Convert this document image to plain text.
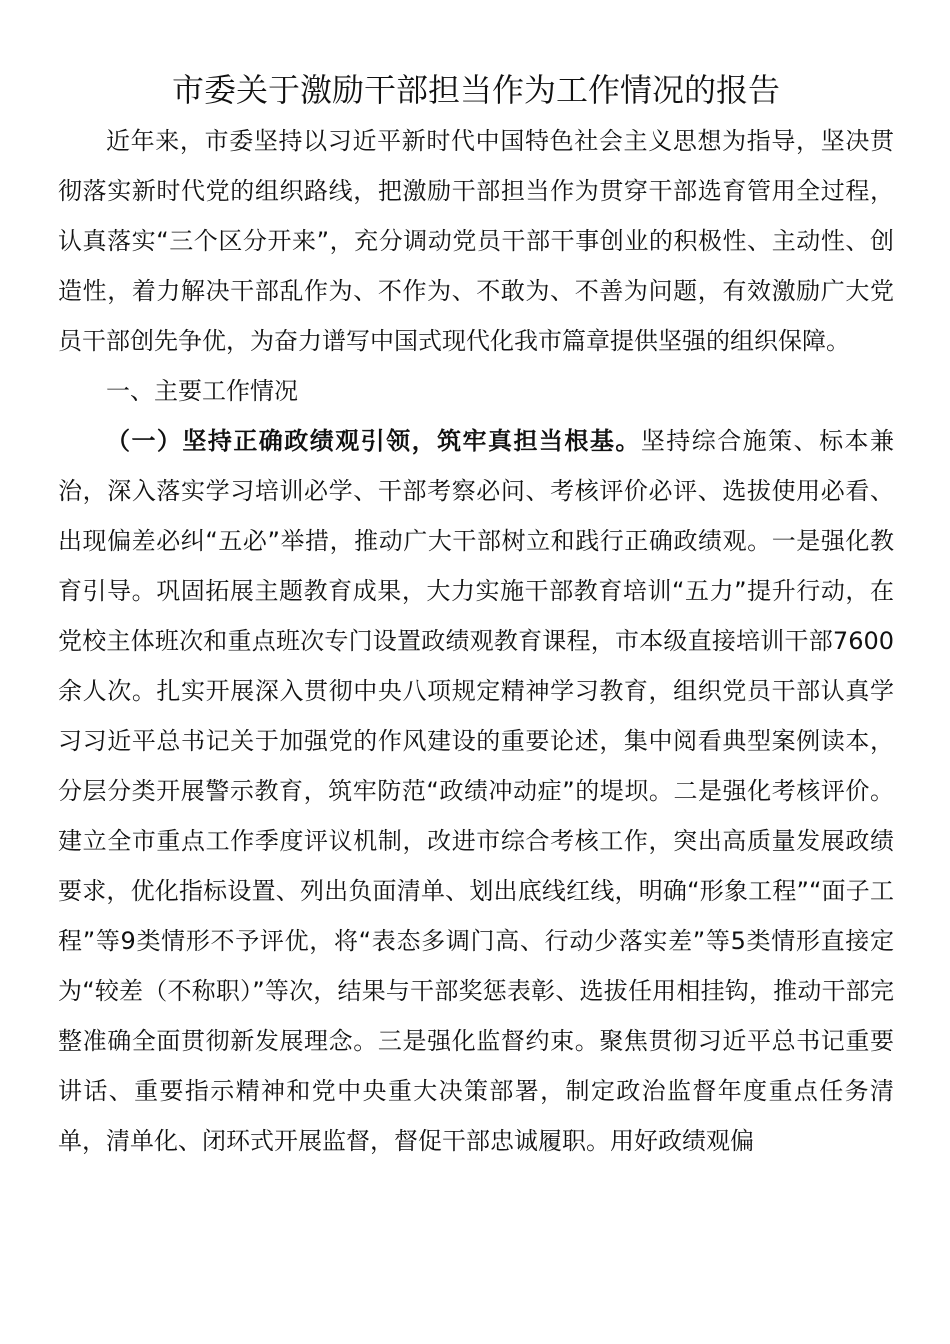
市委关于激励干部担当作为工作情况的报告

近年来，市委坚持以习近平新时代中国特色社会主义思想为指导，坚决贯彻落实新时代党的组织路线，把激励干部担当作为贯穿干部选育管用全过程，认真落实“三个区分开来”，充分调动党员干部干事创业的积极性、主动性、创造性，着力解决干部乱作为、不作为、不敢为、不善为问题，有效激励广大党员干部创先争优，为奋力谱写中国式现代化我市篇章提供坚强的组织保障。

一、主要工作情况

（一）坚持正确政绩观引领，筑牢真担当根基。坚持综合施策、标本兼治，深入落实学习培训必学、干部考察必问、考核评价必评、选拔使用必看、出现偏差必纠“五必”举措，推动广大干部树立和践行正确政绩观。一是强化教育引导。巩固拓展主题教育成果，大力实施干部教育培训“五力”提升行动，在党校主体班次和重点班次专门设置政绩观教育课程，市本级直接培训干部7600余人次。扎实开展深入贯彻中央八项规定精神学习教育，组织党员干部认真学习习近平总书记关于加强党的作风建设的重要论述，集中阅看典型案例读本，分层分类开展警示教育，筑牢防范“政绩冲动症”的堤坝。二是强化考核评价。建立全市重点工作季度评议机制，改进市综合考核工作，突出高质量发展政绩要求，优化指标设置、列出负面清单、划出底线红线，明确“形象工程”“面子工程”等9类情形不予评优，将“表态多调门高、行动少落实差”等5类情形直接定为“较差（不称职）”等次，结果与干部奖惩表彰、选拔任用相挂钩，推动干部完整准确全面贯彻新发展理念。三是强化监督约束。聚焦贯彻习近平总书记重要讲话、重要指示精神和党中央重大决策部署，制定政治监督年度重点任务清单，清单化、闭环式开展监督，督促干部忠诚履职。用好政绩观偏
